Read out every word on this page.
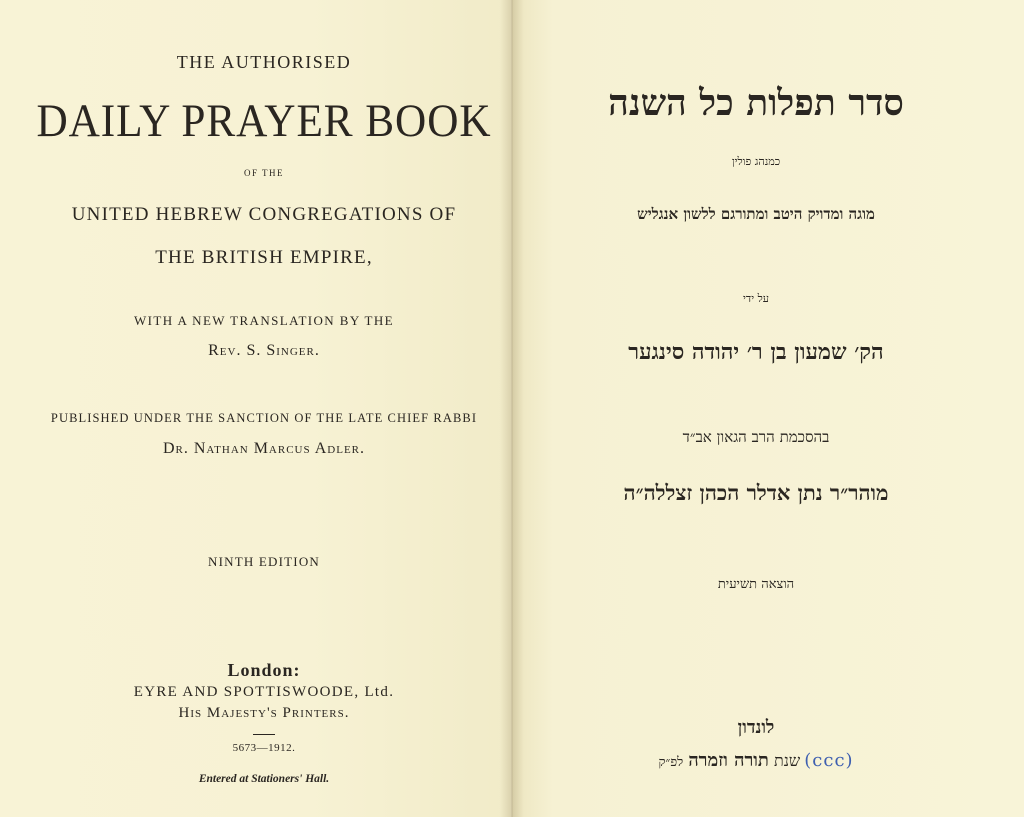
THE AUTHORISED
DAILY PRAYER BOOK
OF THE
UNITED HEBREW CONGREGATIONS OF
THE BRITISH EMPIRE,
WITH A NEW TRANSLATION BY THE
Rev. S. Singer.
PUBLISHED UNDER THE SANCTION OF THE LATE CHIEF RABBI
Dr. Nathan Marcus Adler.
NINTH EDITION
London:
EYRE AND SPOTTISWOODE, Ltd.
His Majesty's Printers.
5673—1912.
Entered at Stationers' Hall.
סדר תפלות כל השנה
כמנהג פולין
מוגה ומדויק היטב ומתורגם ללשון אנגליש
על ידי
הק׳ שמעון בן ר׳ יהודה סינגער
בהסכמת הרב הגאון אב״ד
מוהר״ר נתן אדלר הכהן זצללה״ה
הוצאה תשיעית
לונדון
שנת תורה וזמרה לפ״ק	(ccc)
